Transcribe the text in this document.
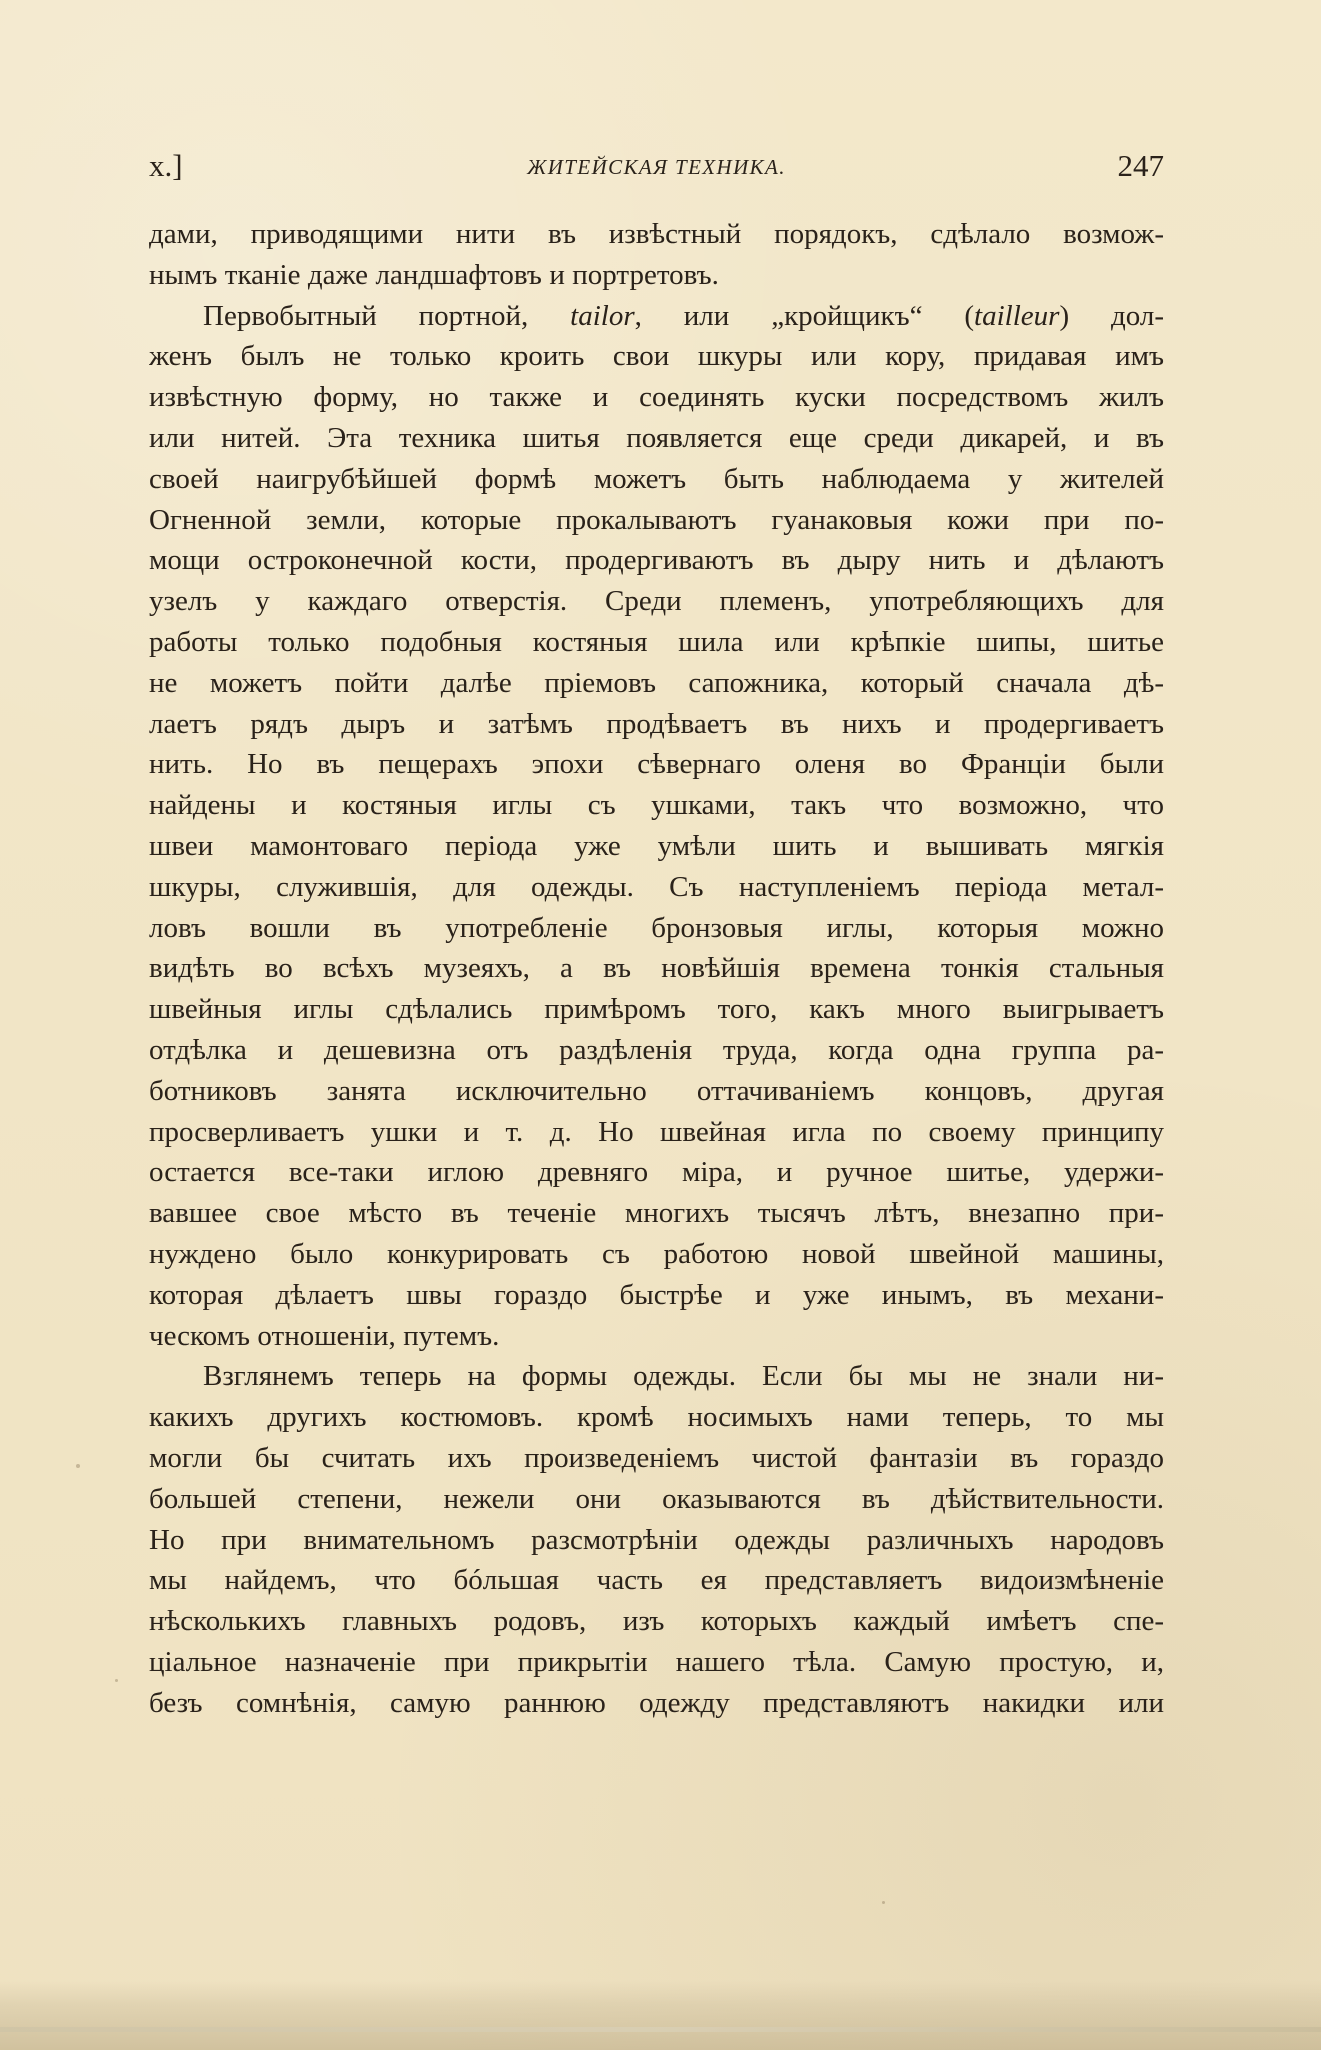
x.]	ЖИТЕЙСКАЯ ТЕХНИКА.	247
дами, приводящими нити въ извѣстный порядокъ, сдѣлало возмож-
нымъ тканіе даже ландшафтовъ и портретовъ.
Первобытный портной, tailor, или „кройщикъ“ (tailleur) дол-
женъ былъ не только кроить свои шкуры или кору, придавая имъ
извѣстную форму, но также и соединять куски посредствомъ жилъ
или нитей. Эта техника шитья появляется еще среди дикарей, и въ
своей наигрубѣйшей формѣ можетъ быть наблюдаема у жителей
Огненной земли, которые прокалываютъ гуанаковыя кожи при по-
мощи остроконечной кости, продергиваютъ въ дыру нить и дѣлаютъ
узелъ у каждаго отверстія. Среди племенъ, употребляющихъ для
работы только подобныя костяныя шила или крѣпкіе шипы, шитье
не можетъ пойти далѣе пріемовъ сапожника, который сначала дѣ-
лаетъ рядъ дыръ и затѣмъ продѣваетъ въ нихъ и продергиваетъ
нить. Но въ пещерахъ эпохи сѣвернаго оленя во Франціи были
найдены и костяныя иглы съ ушками, такъ что возможно, что
швеи мамонтоваго періода уже умѣли шить и вышивать мягкія
шкуры, служившія, для одежды. Съ наступленіемъ періода метал-
ловъ вошли въ употребленіе бронзовыя иглы, которыя можно
видѣть во всѣхъ музеяхъ, а въ новѣйшія времена тонкія стальныя
швейныя иглы сдѣлались примѣромъ того, какъ много выигрываетъ
отдѣлка и дешевизна отъ раздѣленія труда, когда одна группа ра-
ботниковъ занята исключительно оттачиваніемъ концовъ, другая
просверливаетъ ушки и т. д. Но швейная игла по своему принципу
остается все-таки иглою древняго міра, и ручное шитье, удержи-
вавшее свое мѣсто въ теченіе многихъ тысячъ лѣтъ, внезапно при-
нуждено было конкурировать съ работою новой швейной машины,
которая дѣлаетъ швы гораздо быстрѣе и уже инымъ, въ механи-
ческомъ отношеніи, путемъ.
Взглянемъ теперь на формы одежды. Если бы мы не знали ни-
какихъ другихъ костюмовъ. кромѣ носимыхъ нами теперь, то мы
могли бы считать ихъ произведеніемъ чистой фантазіи въ гораздо
большей степени, нежели они оказываются въ дѣйствительности.
Но при внимательномъ разсмотрѣніи одежды различныхъ народовъ
мы найдемъ, что бóльшая часть ея представляетъ видоизмѣненіе
нѣсколькихъ главныхъ родовъ, изъ которыхъ каждый имѣетъ спе-
ціальное назначеніе при прикрытіи нашего тѣла. Самую простую, и,
безъ сомнѣнія, самую раннюю одежду представляютъ накидки или
